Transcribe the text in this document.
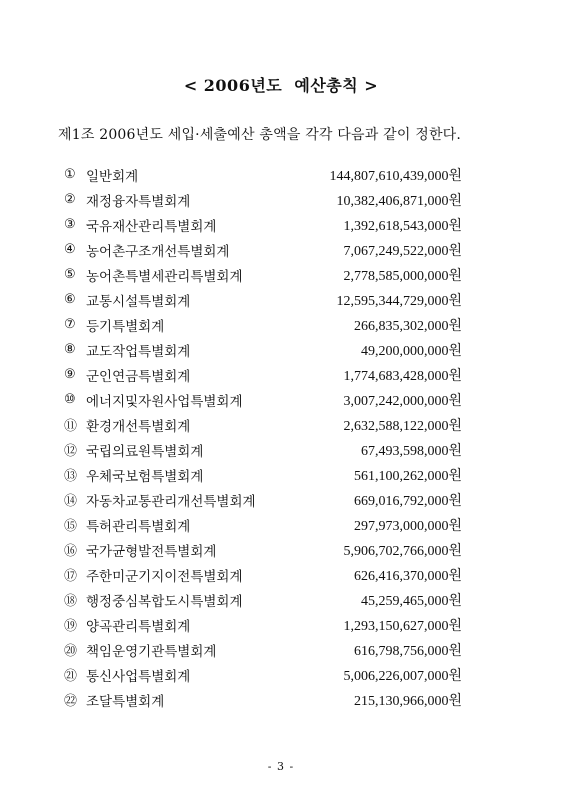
< 2006년도  예산총칙 >
제1조 2006년도 세입·세출예산 총액을 각각 다음과 같이 정한다.
① 일반회계	144,807,610,439,000원
② 재정융자특별회계	10,382,406,871,000원
③ 국유재산관리특별회계	1,392,618,543,000원
④ 농어촌구조개선특별회계	7,067,249,522,000원
⑤ 농어촌특별세관리특별회계	2,778,585,000,000원
⑥ 교통시설특별회계	12,595,344,729,000원
⑦ 등기특별회계	266,835,302,000원
⑧ 교도작업특별회계	49,200,000,000원
⑨ 군인연금특별회계	1,774,683,428,000원
⑩ 에너지및자원사업특별회계	3,007,242,000,000원
⑪ 환경개선특별회계	2,632,588,122,000원
⑫ 국립의료원특별회계	67,493,598,000원
⑬ 우체국보험특별회계	561,100,262,000원
⑭ 자동차교통관리개선특별회계	669,016,792,000원
⑮ 특허관리특별회계	297,973,000,000원
⑯ 국가균형발전특별회계	5,906,702,766,000원
⑰ 주한미군기지이전특별회계	626,416,370,000원
⑱ 행정중심복합도시특별회계	45,259,465,000원
⑲ 양곡관리특별회계	1,293,150,627,000원
⑳ 책임운영기관특별회계	616,798,756,000원
㉑ 통신사업특별회계	5,006,226,007,000원
㉒ 조달특별회계	215,130,966,000원
- 3 -
